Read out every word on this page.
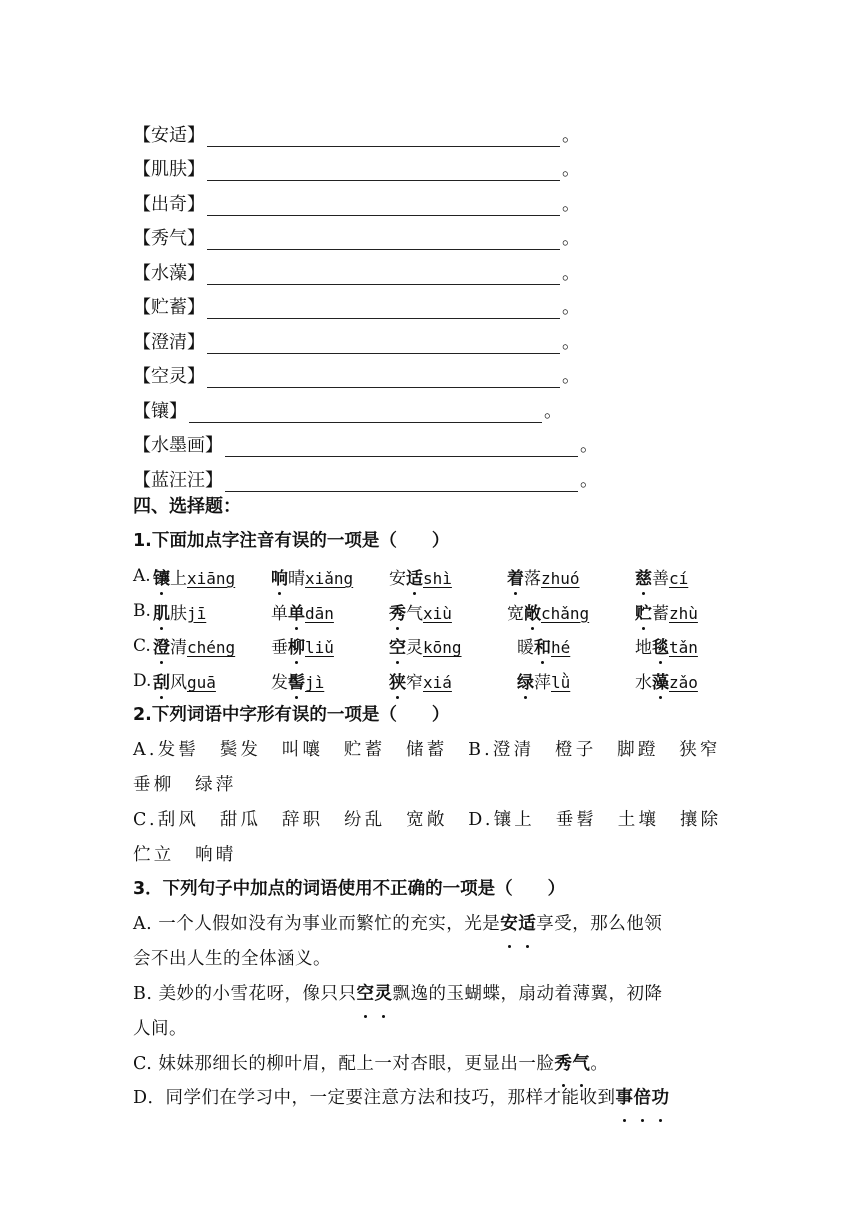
【安适】	。
【肌肤】	。
【出奇】	。
【秀气】	。
【水藻】	。
【贮蓄】	。
【澄清】	。
【空灵】	。
【镶】	。
【水墨画】	。
【蓝汪汪】	。
四、选择题：
1.下面加点字注音有误的一项是（　　）
A. 镶上xiāng	响晴xiǎng	安适shì	着落zhuó	慈善cí
B. 肌肤jī	单单dān	秀气xiù	宽敞chǎng	贮蓄zhù
C. 澄清chéng	垂柳liǔ	空灵kōng	暖和hé	地毯tǎn
D. 刮风guā	发髻jì	狭窄xiá	绿萍lǜ	水藻zǎo
2.下列词语中字形有误的一项是（　　）
A.发髻　鬓发　叫嚷　贮蓄　储蓄　B.澄清　橙子　脚蹬　狭窄
垂柳　绿萍
C.刮风　甜瓜　辞职　纷乱　宽敞　D.镶上　垂髫　土壤　攘除
伫立　响晴
3．下列句子中加点的词语使用不正确的一项是（　　）
A. 一个人假如没有为事业而繁忙的充实，光是安适享受，那么他领
会不出人生的全体涵义。
B. 美妙的小雪花呀，像只只空灵飘逸的玉蝴蝶，扇动着薄翼，初降
人间。
C. 妹妹那细长的柳叶眉，配上一对杏眼，更显出一脸秀气。
D．同学们在学习中，一定要注意方法和技巧，那样才能收到事倍功
